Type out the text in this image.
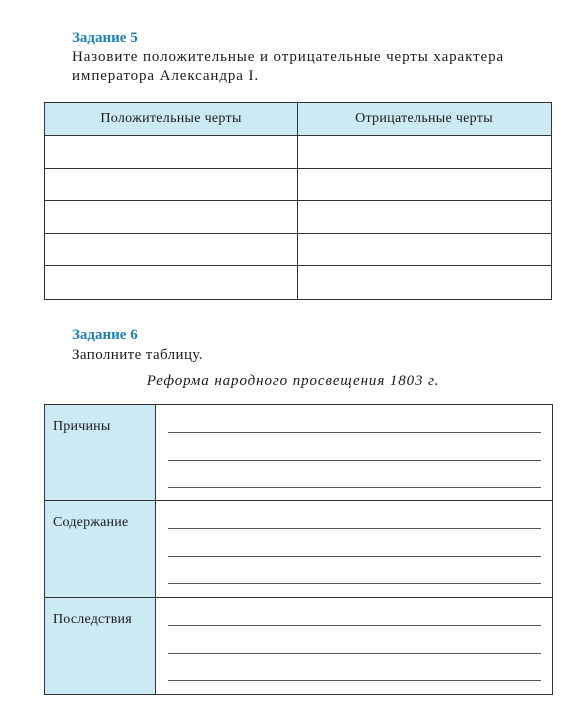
Задание 5
Назовите положительные и отрицательные черты характера императора Александра I.
Положительные черты	Отрицательные черты
Задание 6
Заполните таблицу.
Реформа народного просвещения 1803 г.
Причины
Содержание
Последствия
